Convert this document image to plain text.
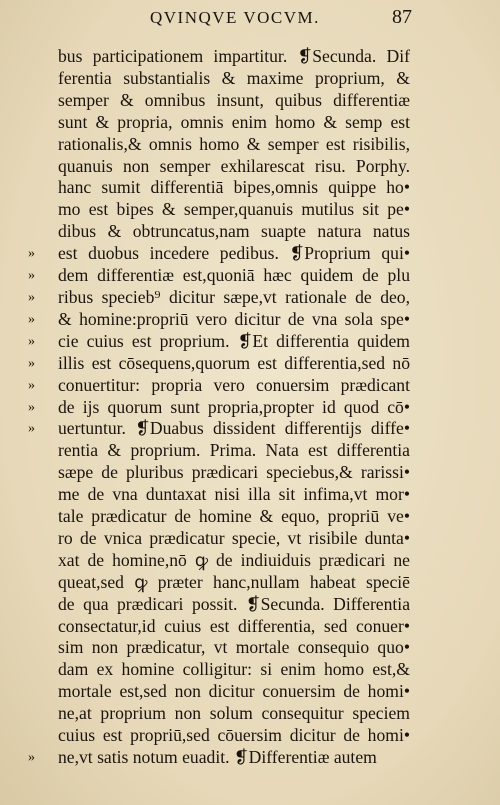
QVINQVE VOCVM.	87
bus participationem impartitur. ❡Secunda. Dif
ferentia substantialis & maxime proprium, &
semper & omnibus insunt, quibus differentiæ
sunt & propria, omnis enim homo & semp est
rationalis,& omnis homo & semper est risibilis,
quanuis non semper exhilarescat risu. Porphy.
hanc sumit differentiā bipes,omnis quippe ho•
mo est bipes & semper,quanuis mutilus sit pe•
dibus & obtruncatus,nam suapte natura natus
» est duobus incedere pedibus. ❡Proprium qui•
» dem differentiæ est,quoniā hæc quidem de plu
» ribus specieb⁹ dicitur sæpe,vt rationale de deo,
» & homine:propriū vero dicitur de vna sola spe•
» cie cuius est proprium. ❡Et differentia quidem
» illis est cōsequens,quorum est differentia,sed nō
» conuertitur: propria vero conuersim prædicant
» de ijs quorum sunt propria,propter id quod cō•
» uertuntur. ❡Duabus dissident differentijs diffe•
rentia & proprium. Prima. Nata est differentia
sæpe de pluribus prædicari speciebus,& rarissi•
me de vna duntaxat nisi illa sit infima,vt mor•
tale prædicatur de homine & equo, propriū ve•
ro de vnica prædicatur specie, vt risibile dunta•
xat de homine,nō ꝙ de indiuiduis prædicari ne
queat,sed ꝙ præter hanc,nullam habeat speciē
de qua prædicari possit. ❡Secunda. Differentia
consectatur,id cuius est differentia, sed conuer•
sim non prædicatur, vt mortale consequio quo•
dam ex homine colligitur: si enim homo est,&
mortale est,sed non dicitur conuersim de homi•
ne,at proprium non solum consequitur speciem
cuius est propriū,sed cōuersim dicitur de homi•
» ne,vt satis notum euadit. ❡Differentiæ autem
